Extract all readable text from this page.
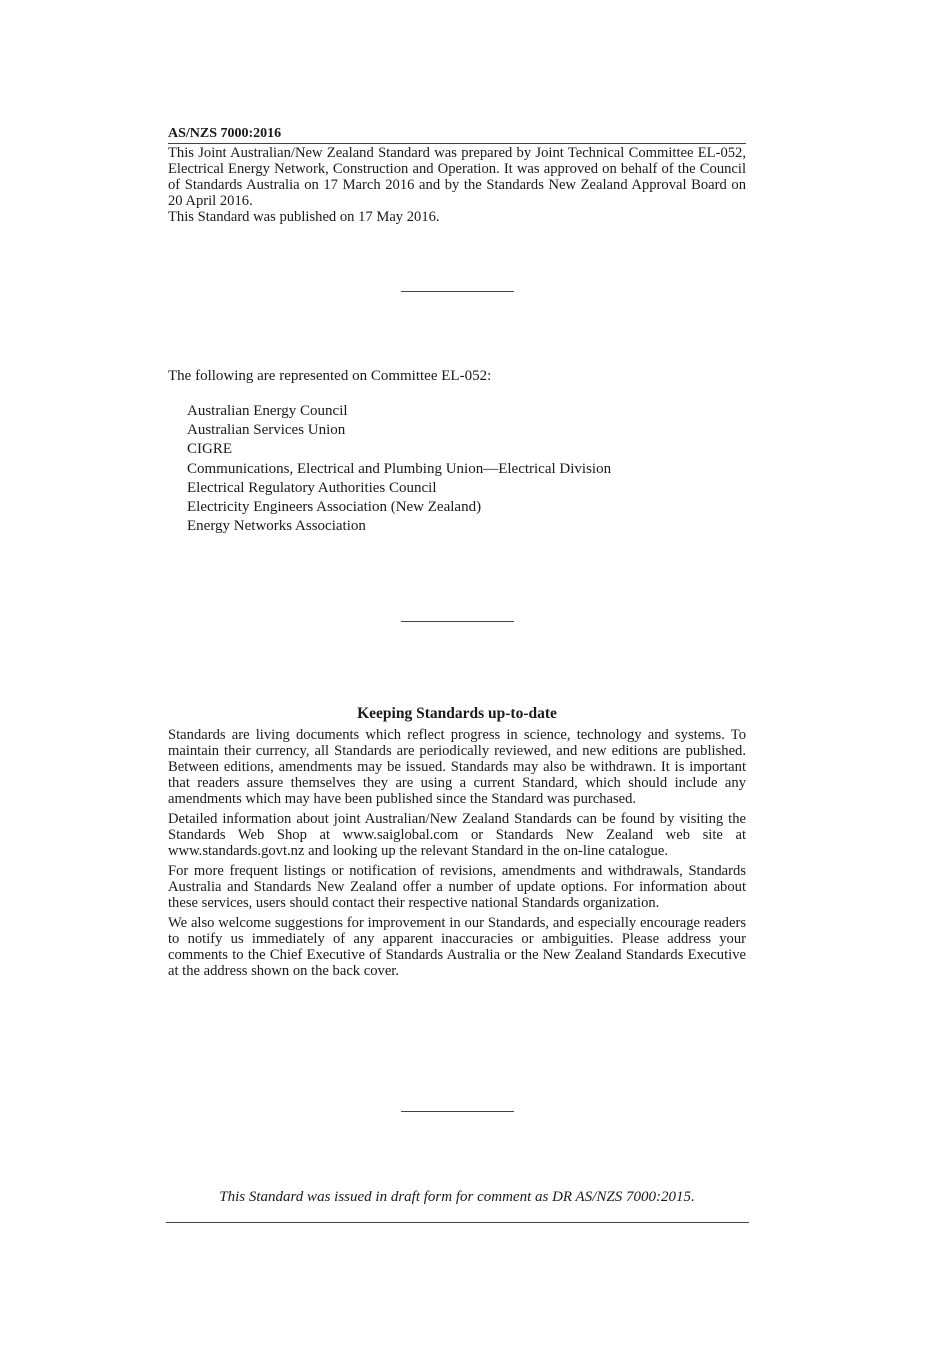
AS/NZS 7000:2016

This Joint Australian/New Zealand Standard was prepared by Joint Technical Committee EL-052, Electrical Energy Network, Construction and Operation. It was approved on behalf of the Council of Standards Australia on 17 March 2016 and by the Standards New Zealand Approval Board on 20 April 2016.

This Standard was published on 17 May 2016.

The following are represented on Committee EL-052:

Australian Energy Council
Australian Services Union
CIGRE
Communications, Electrical and Plumbing Union—Electrical Division
Electrical Regulatory Authorities Council
Electricity Engineers Association (New Zealand)
Energy Networks Association
Keeping Standards up-to-date

Standards are living documents which reflect progress in science, technology and systems. To maintain their currency, all Standards are periodically reviewed, and new editions are published. Between editions, amendments may be issued. Standards may also be withdrawn. It is important that readers assure themselves they are using a current Standard, which should include any amendments which may have been published since the Standard was purchased.

Detailed information about joint Australian/New Zealand Standards can be found by visiting the Standards Web Shop at www.saiglobal.com or Standards New Zealand web site at www.standards.govt.nz and looking up the relevant Standard in the on-line catalogue.

For more frequent listings or notification of revisions, amendments and withdrawals, Standards Australia and Standards New Zealand offer a number of update options. For information about these services, users should contact their respective national Standards organization.

We also welcome suggestions for improvement in our Standards, and especially encourage readers to notify us immediately of any apparent inaccuracies or ambiguities. Please address your comments to the Chief Executive of Standards Australia or the New Zealand Standards Executive at the address shown on the back cover.

This Standard was issued in draft form for comment as DR AS/NZS 7000:2015.
